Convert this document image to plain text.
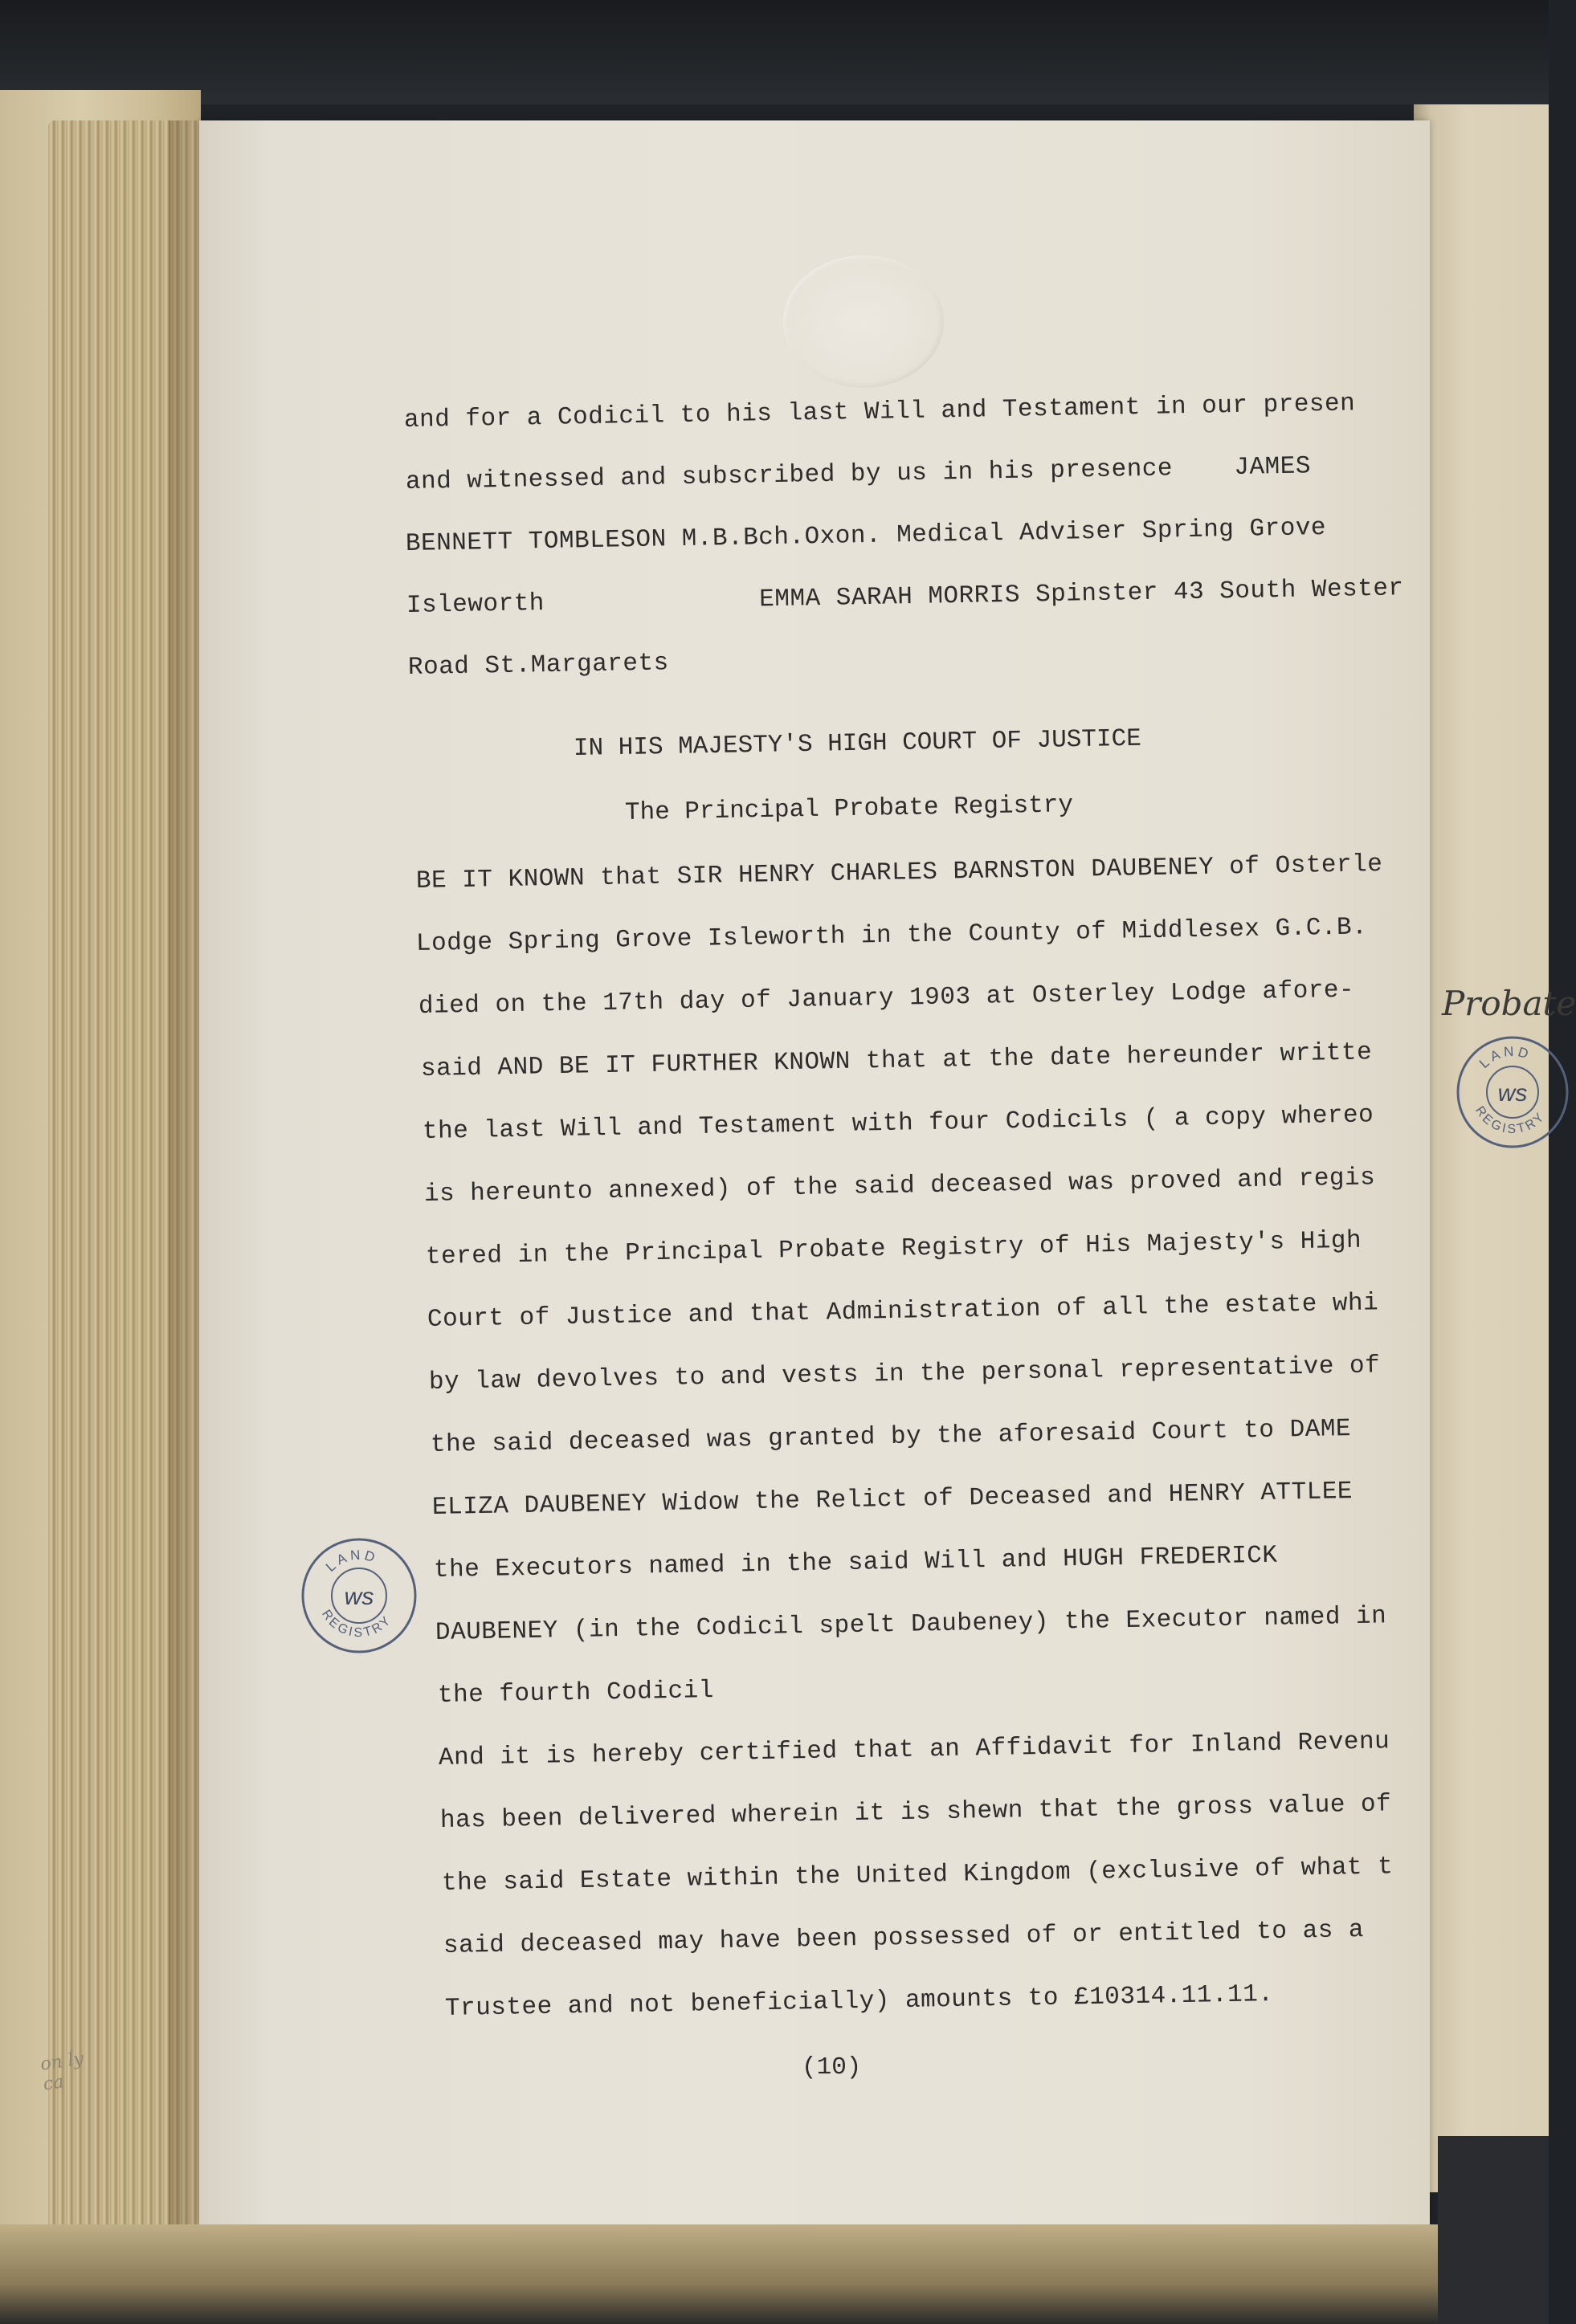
and for a Codicil to his last Will and Testament in our presen
and witnessed and subscribed by us in his presence    JAMES
BENNETT TOMBLESON M.B.Bch.Oxon. Medical Adviser Spring Grove
Isleworth              EMMA SARAH MORRIS Spinster 43 South Wester
Road St.Margarets
IN HIS MAJESTY'S HIGH COURT OF JUSTICE
The Principal Probate Registry
BE IT KNOWN that SIR HENRY CHARLES BARNSTON DAUBENEY of Osterle
Lodge Spring Grove Isleworth in the County of Middlesex G.C.B.
died on the 17th day of January 1903 at Osterley Lodge afore-
said AND BE IT FURTHER KNOWN that at the date hereunder writte
the last Will and Testament with four Codicils ( a copy whereo
is hereunto annexed) of the said deceased was proved and regis
tered in the Principal Probate Registry of His Majesty's High
Court of Justice and that Administration of all the estate whi
by law devolves to and vests in the personal representative of
the said deceased was granted by the aforesaid Court to DAME
ELIZA DAUBENEY Widow the Relict of Deceased and HENRY ATTLEE
the Executors named in the said Will and HUGH FREDERICK
DAUBENEY (in the Codicil spelt Daubeney) the Executor named in
the fourth Codicil
And it is hereby certified that an Affidavit for Inland Revenu
has been delivered wherein it is shewn that the gross value of
the said Estate within the United Kingdom (exclusive of what t
said deceased may have been possessed of or entitled to as a
Trustee and not beneficially) amounts to £10314.11.11.
(10)
LAND
REGISTRY
ws
LAND
REGISTRY
ws
Probate
on ĺy
ca
